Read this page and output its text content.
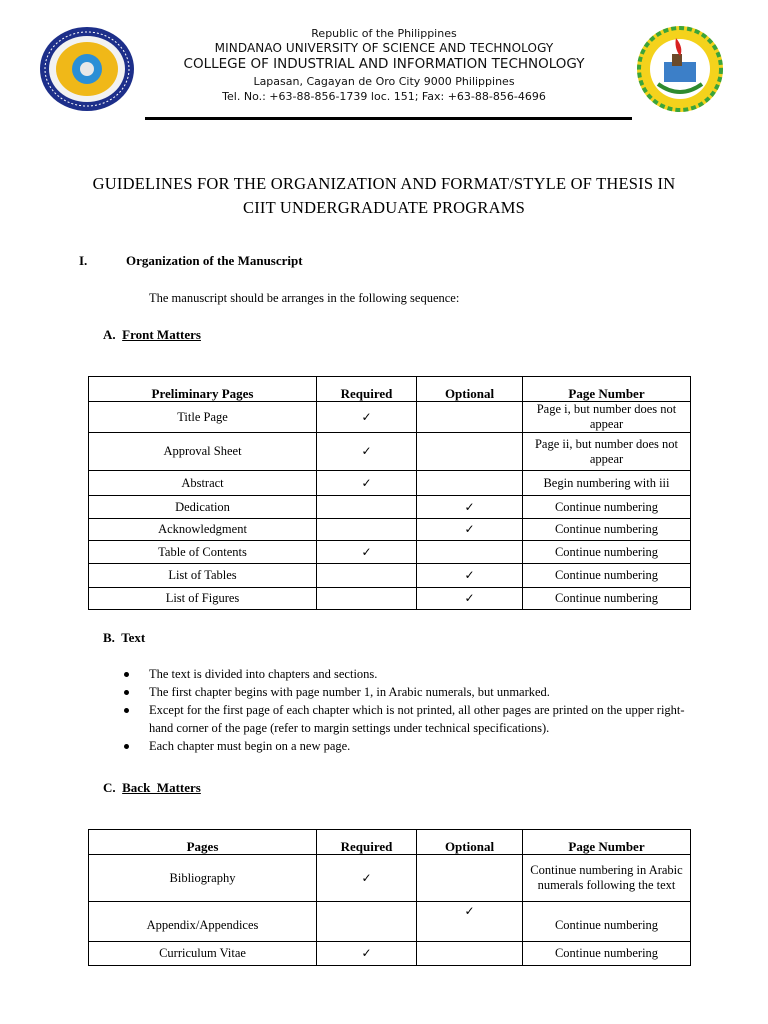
Republic of the Philippines
MINDANAO UNIVERSITY OF SCIENCE AND TECHNOLOGY
COLLEGE OF INDUSTRIAL AND INFORMATION TECHNOLOGY
Lapasan, Cagayan de Oro City 9000 Philippines
Tel. No.: +63-88-856-1739 loc. 151; Fax: +63-88-856-4696
GUIDELINES FOR THE ORGANIZATION AND FORMAT/STYLE OF THESIS IN
CIIT UNDERGRADUATE PROGRAMS
I.	Organization of the Manuscript
The manuscript should be arranges in the following sequence:
A. Front Matters
Preliminary Pages	Required	Optional	Page Number
Title Page	✓		Page i, but number does not appear
Approval Sheet	✓		Page ii, but number does not appear
Abstract	✓		Begin numbering with iii
Dedication		✓	Continue numbering
Acknowledgment		✓	Continue numbering
Table of Contents	✓		Continue numbering
List of Tables		✓	Continue numbering
List of Figures		✓	Continue numbering
B. Text
The text is divided into chapters and sections.
The first chapter begins with page number 1, in Arabic numerals, but unmarked.
Except for the first page of each chapter which is not printed, all other pages are printed on the upper right-hand corner of the page (refer to margin settings under technical specifications).
Each chapter must begin on a new page.
C. Back  Matters
Pages	Required	Optional	Page Number
Bibliography	✓		Continue numbering in Arabic numerals following the text
Appendix/Appendices		✓	Continue numbering
Curriculum Vitae	✓		Continue numbering
